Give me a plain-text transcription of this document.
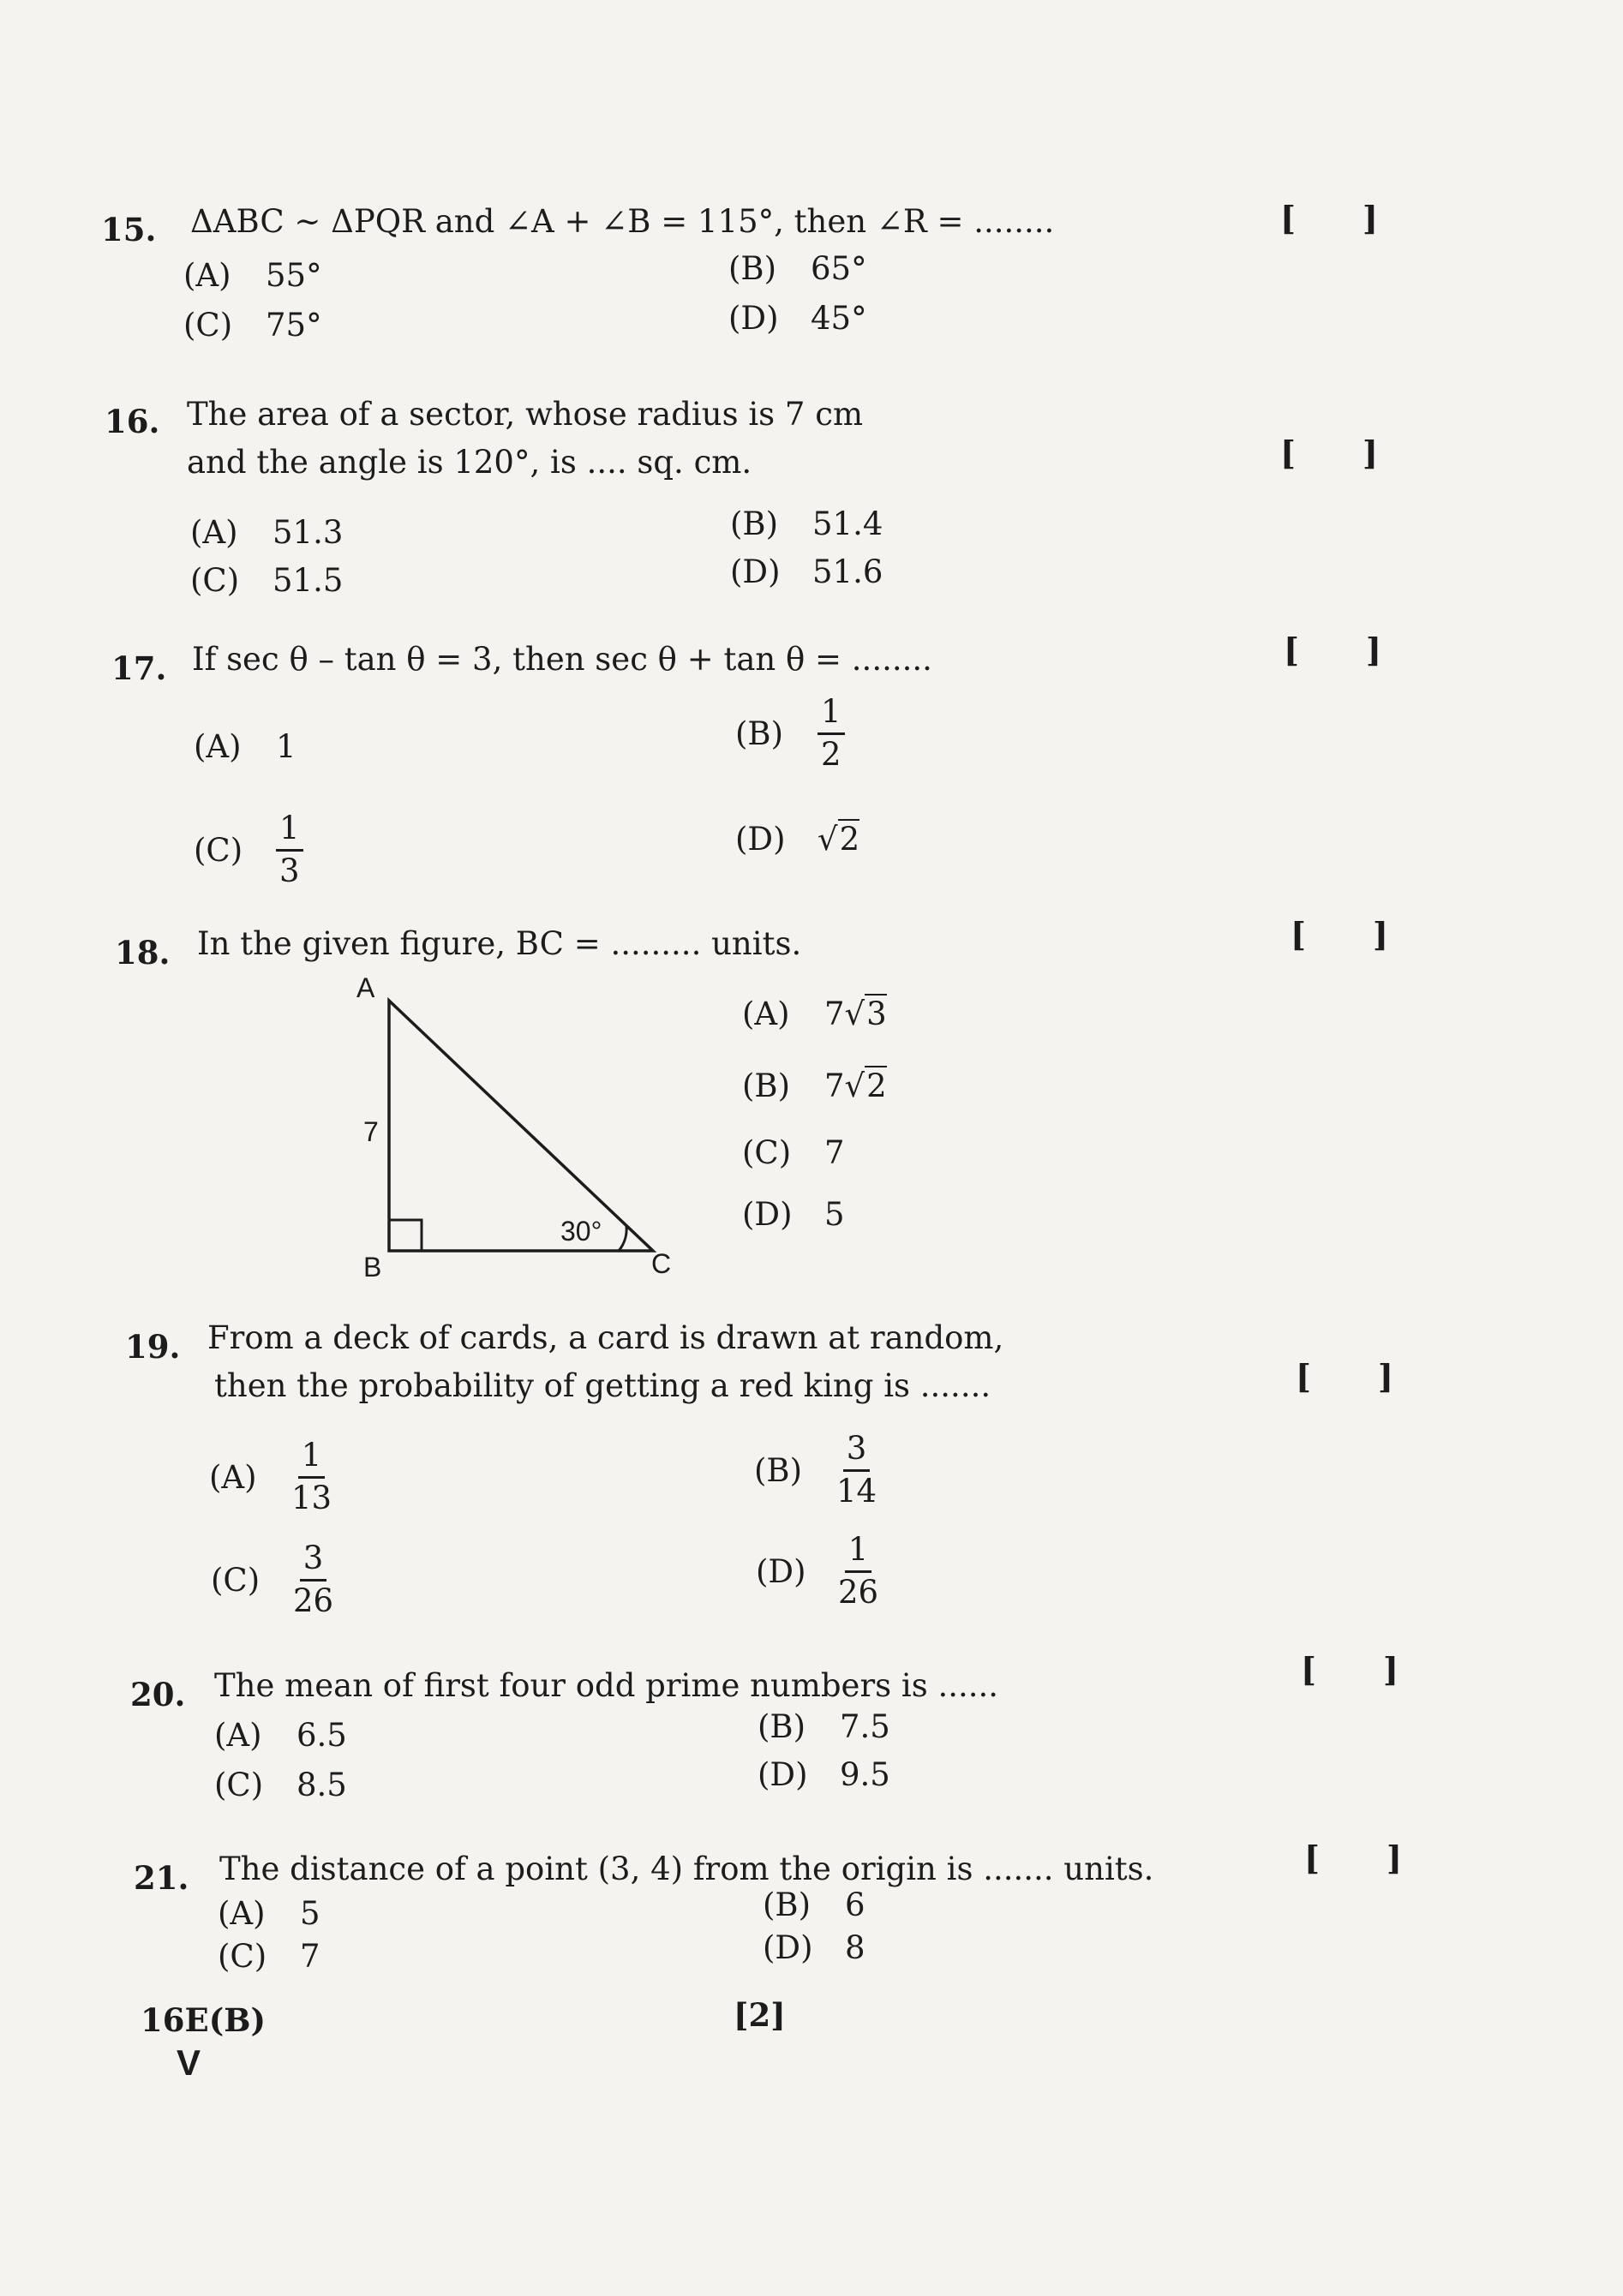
15. ΔABC ~ ΔPQR and ∠A + ∠B = 115°, then ∠R = ........	[ ]
(A) 55°	(B) 65°
(C) 75°	(D) 45°
16. The area of a sector, whose radius is 7 cm
and the angle is 120°, is .... sq. cm.	[ ]
(A) 51.3	(B) 51.4
(C) 51.5	(D) 51.6
17. If sec θ – tan θ = 3, then sec θ + tan θ = ........	[ ]
(A) 1	(B)	$\frac{1}{2}$
(C)	$\frac{1}{3}$	(D) √2
18. In the given figure, BC = ......... units.	[ ]
A
B	C
7
30°
(A) 7√3
(B) 7√2
(C) 7
(D) 5
19. From a deck of cards, a card is drawn at random,
then the probability of getting a red king is .......	[ ]
(A)	$\frac{1}{13}$	(B)	$\frac{3}{14}$
(C)	$\frac{3}{26}$	(D)	$\frac{1}{26}$
20. The mean of first four odd prime numbers is ......	[ ]
(A) 6.5	(B) 7.5
(C) 8.5	(D) 9.5
21. The distance of a point (3, 4) from the origin is ....... units.	[ ]
(A) 5	(B) 6
(C) 7	(D) 8
16E(B)
V
[2]
